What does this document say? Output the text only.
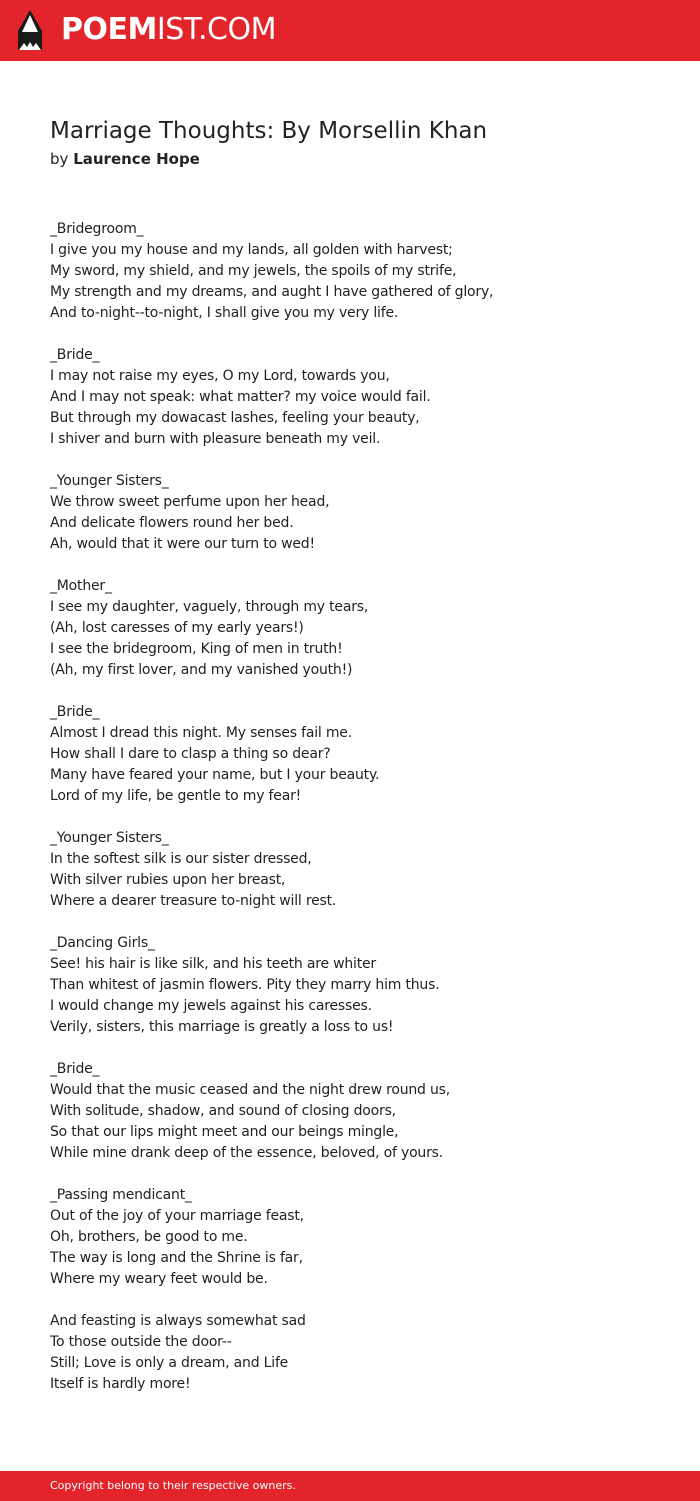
POEMIST.COM
Marriage Thoughts: By Morsellin Khan
by Laurence Hope
_Bridegroom_
I give you my house and my lands, all golden with harvest;
My sword, my shield, and my jewels, the spoils of my strife,
My strength and my dreams, and aught I have gathered of glory,
And to-night--to-night, I shall give you my very life.
_Bride_
I may not raise my eyes, O my Lord, towards you,
And I may not speak: what matter? my voice would fail.
But through my dowacast lashes, feeling your beauty,
I shiver and burn with pleasure beneath my veil.
_Younger Sisters_
We throw sweet perfume upon her head,
And delicate flowers round her bed.
Ah, would that it were our turn to wed!
_Mother_
I see my daughter, vaguely, through my tears,
(Ah, lost caresses of my early years!)
I see the bridegroom, King of men in truth!
(Ah, my first lover, and my vanished youth!)
_Bride_
Almost I dread this night. My senses fail me.
How shall I dare to clasp a thing so dear?
Many have feared your name, but I your beauty.
Lord of my life, be gentle to my fear!
_Younger Sisters_
In the softest silk is our sister dressed,
With silver rubies upon her breast,
Where a dearer treasure to-night will rest.
_Dancing Girls_
See! his hair is like silk, and his teeth are whiter
Than whitest of jasmin flowers. Pity they marry him thus.
I would change my jewels against his caresses.
Verily, sisters, this marriage is greatly a loss to us!
_Bride_
Would that the music ceased and the night drew round us,
With solitude, shadow, and sound of closing doors,
So that our lips might meet and our beings mingle,
While mine drank deep of the essence, beloved, of yours.
_Passing mendicant_
Out of the joy of your marriage feast,
Oh, brothers, be good to me.
The way is long and the Shrine is far,
Where my weary feet would be.
And feasting is always somewhat sad
To those outside the door--
Still; Love is only a dream, and Life
Itself is hardly more!
Copyright belong to their respective owners.
